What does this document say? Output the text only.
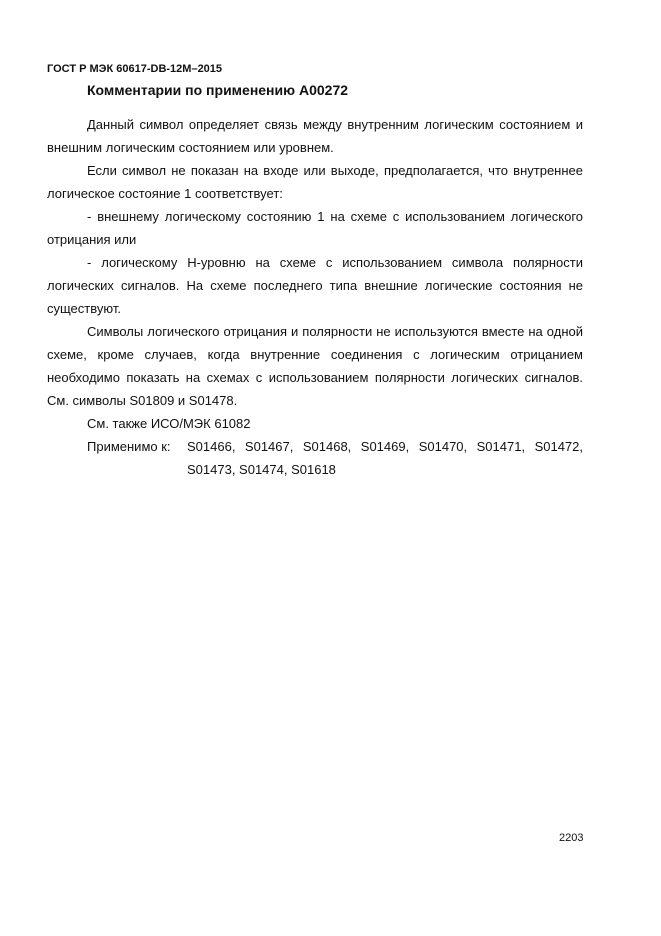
ГОСТ Р МЭК 60617-DB-12M–2015
Комментарии по применению A00272

Данный символ определяет связь между внутренним логическим состоянием и внешним логическим состоянием или уровнем.

Если символ не показан на входе или выходе, предполагается, что внутреннее логическое состояние 1 соответствует:

- внешнему логическому состоянию 1 на схеме с использованием логического отрицания или

- логическому Н-уровню на схеме с использованием символа полярности логических сигналов. На схеме последнего типа внешние логические состояния не существуют.

Символы логического отрицания и полярности не используются вместе на одной схеме, кроме случаев, когда внутренние соединения с логическим отрицанием необходимо показать на схемах с использованием полярности логических сигналов. См. символы S01809 и S01478.

См. также ИСО/МЭК 61082

Применимо к:	S01466, S01467, S01468, S01469, S01470, S01471, S01472, S01473, S01474, S01618
2203
